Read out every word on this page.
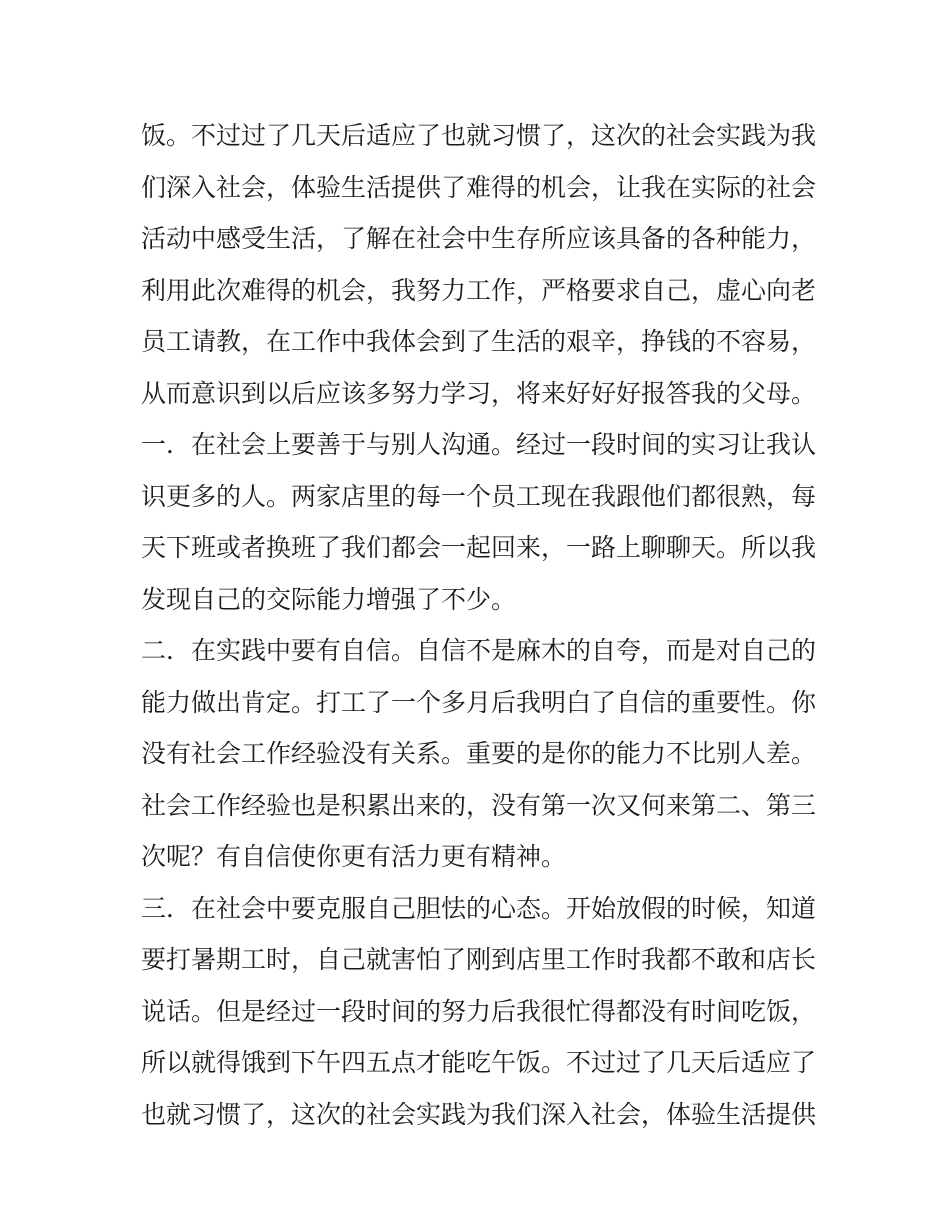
饭。不过过了几天后适应了也就习惯了，这次的社会实践为我
们深入社会，体验生活提供了难得的机会，让我在实际的社会
活动中感受生活，了解在社会中生存所应该具备的各种能力，
利用此次难得的机会，我努力工作，严格要求自己，虚心向老
员工请教，在工作中我体会到了生活的艰辛，挣钱的不容易，
从而意识到以后应该多努力学习，将来好好好报答我的父母。
一．在社会上要善于与别人沟通。经过一段时间的实习让我认
识更多的人。两家店里的每一个员工现在我跟他们都很熟，每
天下班或者换班了我们都会一起回来，一路上聊聊天。所以我
发现自己的交际能力增强了不少。
二．在实践中要有自信。自信不是麻木的自夸，而是对自己的
能力做出肯定。打工了一个多月后我明白了自信的重要性。你
没有社会工作经验没有关系。重要的是你的能力不比别人差。
社会工作经验也是积累出来的，没有第一次又何来第二、第三
次呢？有自信使你更有活力更有精神。
三．在社会中要克服自己胆怯的心态。开始放假的时候，知道
要打暑期工时，自己就害怕了刚到店里工作时我都不敢和店长
说话。但是经过一段时间的努力后我很忙得都没有时间吃饭，
所以就得饿到下午四五点才能吃午饭。不过过了几天后适应了
也就习惯了，这次的社会实践为我们深入社会，体验生活提供
